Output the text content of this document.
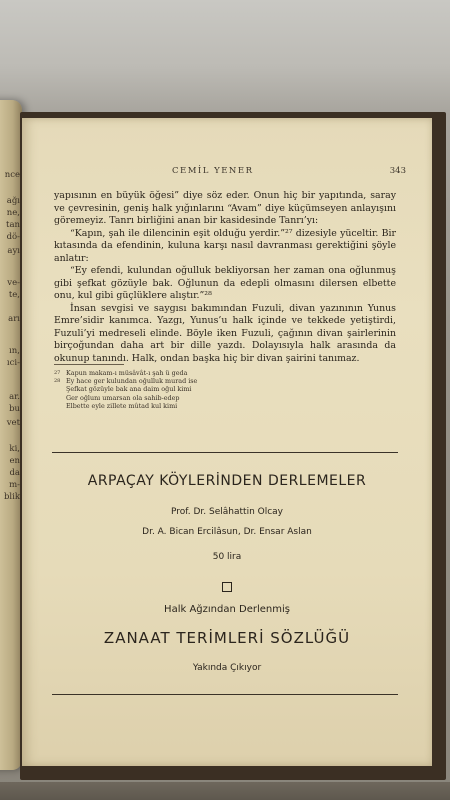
nce
ağı
ne,
tan
dö-
ayı
ve-
te,
arı
ın,
ıci-
ar.
bu
vet
ki,
en
da
m-
blik
CEMİL YENER	343

yapısının en büyük öğesi” diye söz eder. Onun hiç bir yapıtında, saray ve çevresinin, geniş halk yığınlarını “Avam” diye küçümseyen anlayışını göremeyiz. Tanrı birliğini anan bir kasidesinde Tanrı’yı:

“Kapın, şah ile dilencinin eşit olduğu yerdir.”²⁷ dizesiyle yüceltir. Bir kıtasında da efendinin, kuluna karşı nasıl davranması gerektiğini şöyle anlatır:

“Ey efendi, kulundan oğulluk bekliyorsan her zaman ona oğlunmuş gibi şefkat gözüyle bak. Oğlunun da edepli olmasını dilersen elbette onu, kul gibi güçlüklere alıştır.”²⁸

İnsan sevgisi ve saygısı bakımından Fuzuli, divan yazınının Yunus Emre’sidir kanımca. Yazgı, Yunus’u halk içinde ve tekkede yetiştirdi, Fuzuli’yi medreseli elinde. Böyle iken Fuzuli, çağının divan şairlerinin birçoğundan daha art bir dille yazdı. Dolayısıyla halk arasında da okunup tanındı. Halk, ondan başka hiç bir divan şairini tanımaz.

27 Kapun makam-ı müsâvât-ı şah ü geda
28 Ey hace ger kulundan oğulluk murad ise
Şefkat gözüyle bak ana daim oğul kimi
Ger oğlunı umarsan ola sahib-edep
Elbette eyle zillete mûtad kul kimi
ARPAÇAY KÖYLERİNDEN DERLEMELER
Prof. Dr. Selâhattin Olcay
Dr. A. Bican Ercilâsun, Dr. Ensar Aslan
50 lira
Halk Ağzından Derlenmiş
ZANAAT TERİMLERİ SÖZLÜĞÜ
Yakında Çıkıyor
